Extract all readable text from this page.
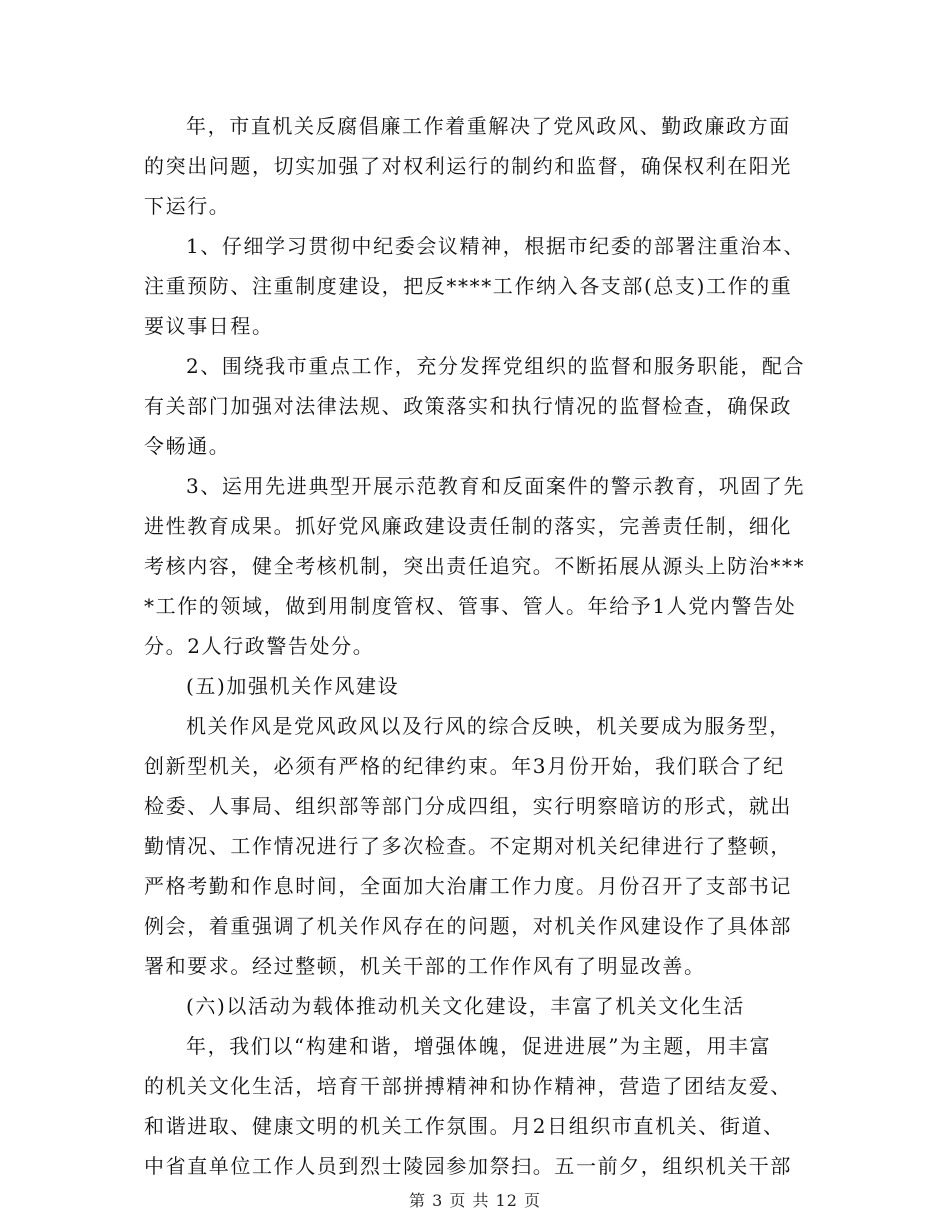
年，市直机关反腐倡廉工作着重解决了党风政风、勤政廉政方面
的突出问题，切实加强了对权利运行的制约和监督，确保权利在阳光
下运行。
1、仔细学习贯彻中纪委会议精神，根据市纪委的部署注重治本、
注重预防、注重制度建设，把反****工作纳入各支部(总支)工作的重
要议事日程。
2、围绕我市重点工作，充分发挥党组织的监督和服务职能，配合
有关部门加强对法律法规、政策落实和执行情况的监督检查，确保政
令畅通。
3、运用先进典型开展示范教育和反面案件的警示教育，巩固了先
进性教育成果。抓好党风廉政建设责任制的落实，完善责任制，细化
考核内容，健全考核机制，突出责任追究。不断拓展从源头上防治***
*工作的领域，做到用制度管权、管事、管人。年给予1人党内警告处
分。2人行政警告处分。
(五)加强机关作风建设
机关作风是党风政风以及行风的综合反映，机关要成为服务型，
创新型机关，必须有严格的纪律约束。年3月份开始，我们联合了纪
检委、人事局、组织部等部门分成四组，实行明察暗访的形式，就出
勤情况、工作情况进行了多次检查。不定期对机关纪律进行了整顿，
严格考勤和作息时间，全面加大治庸工作力度。月份召开了支部书记
例会，着重强调了机关作风存在的问题，对机关作风建设作了具体部
署和要求。经过整顿，机关干部的工作作风有了明显改善。
(六)以活动为载体推动机关文化建设，丰富了机关文化生活
年，我们以“构建和谐，增强体魄，促进进展”为主题，用丰富
的机关文化生活，培育干部拼搏精神和协作精神，营造了团结友爱、
和谐进取、健康文明的机关工作氛围。月2日组织市直机关、街道、
中省直单位工作人员到烈士陵园参加祭扫。五一前夕，组织机关干部
第 3 页 共 12 页
